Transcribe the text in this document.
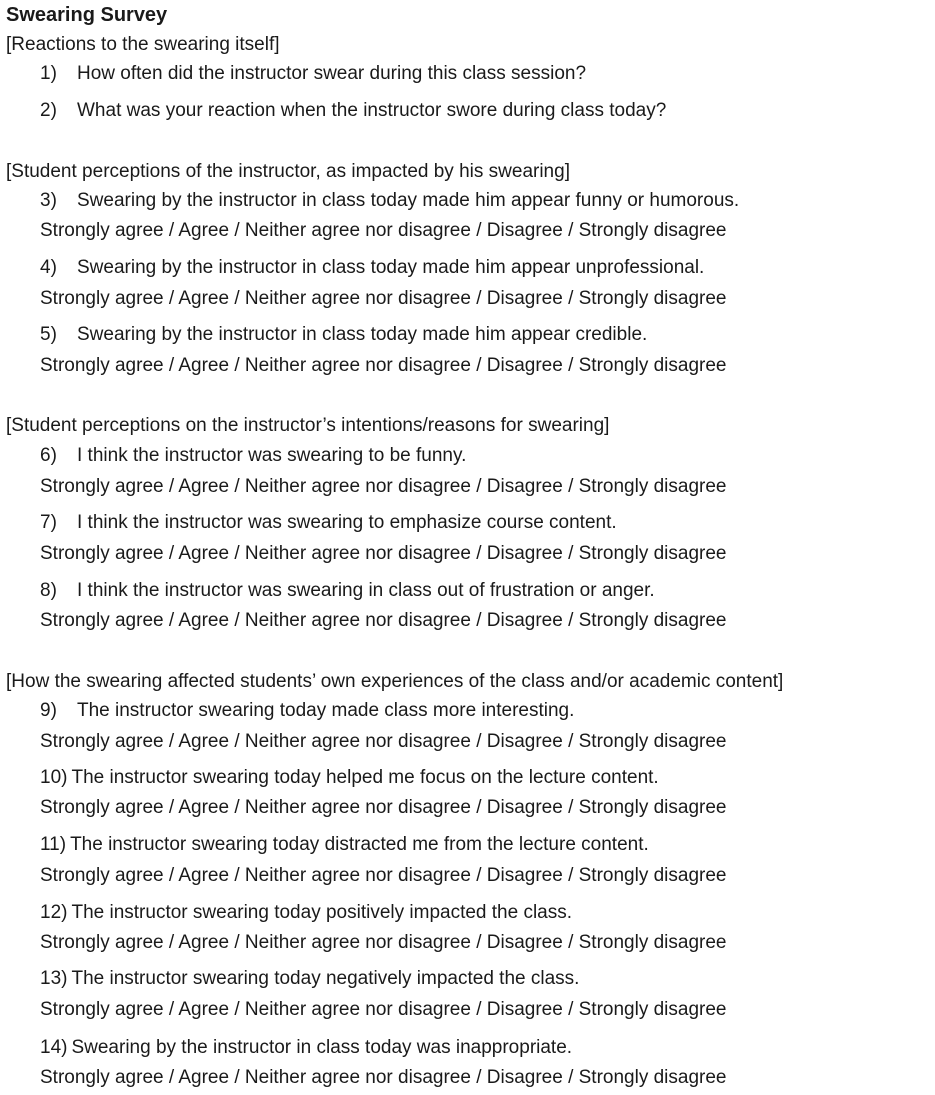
Swearing Survey
[Reactions to the swearing itself]
1) How often did the instructor swear during this class session?
2) What was your reaction when the instructor swore during class today?
[Student perceptions of the instructor, as impacted by his swearing]
3) Swearing by the instructor in class today made him appear funny or humorous.
Strongly agree / Agree / Neither agree nor disagree / Disagree / Strongly disagree
4) Swearing by the instructor in class today made him appear unprofessional.
Strongly agree / Agree / Neither agree nor disagree / Disagree / Strongly disagree
5) Swearing by the instructor in class today made him appear credible.
Strongly agree / Agree / Neither agree nor disagree / Disagree / Strongly disagree
[Student perceptions on the instructor’s intentions/reasons for swearing]
6) I think the instructor was swearing to be funny.
Strongly agree / Agree / Neither agree nor disagree / Disagree / Strongly disagree
7) I think the instructor was swearing to emphasize course content.
Strongly agree / Agree / Neither agree nor disagree / Disagree / Strongly disagree
8) I think the instructor was swearing in class out of frustration or anger.
Strongly agree / Agree / Neither agree nor disagree / Disagree / Strongly disagree
[How the swearing affected students’ own experiences of the class and/or academic content]
9) The instructor swearing today made class more interesting.
Strongly agree / Agree / Neither agree nor disagree / Disagree / Strongly disagree
10) The instructor swearing today helped me focus on the lecture content.
Strongly agree / Agree / Neither agree nor disagree / Disagree / Strongly disagree
11) The instructor swearing today distracted me from the lecture content.
Strongly agree / Agree / Neither agree nor disagree / Disagree / Strongly disagree
12) The instructor swearing today positively impacted the class.
Strongly agree / Agree / Neither agree nor disagree / Disagree / Strongly disagree
13) The instructor swearing today negatively impacted the class.
Strongly agree / Agree / Neither agree nor disagree / Disagree / Strongly disagree
14) Swearing by the instructor in class today was inappropriate.
Strongly agree / Agree / Neither agree nor disagree / Disagree / Strongly disagree
